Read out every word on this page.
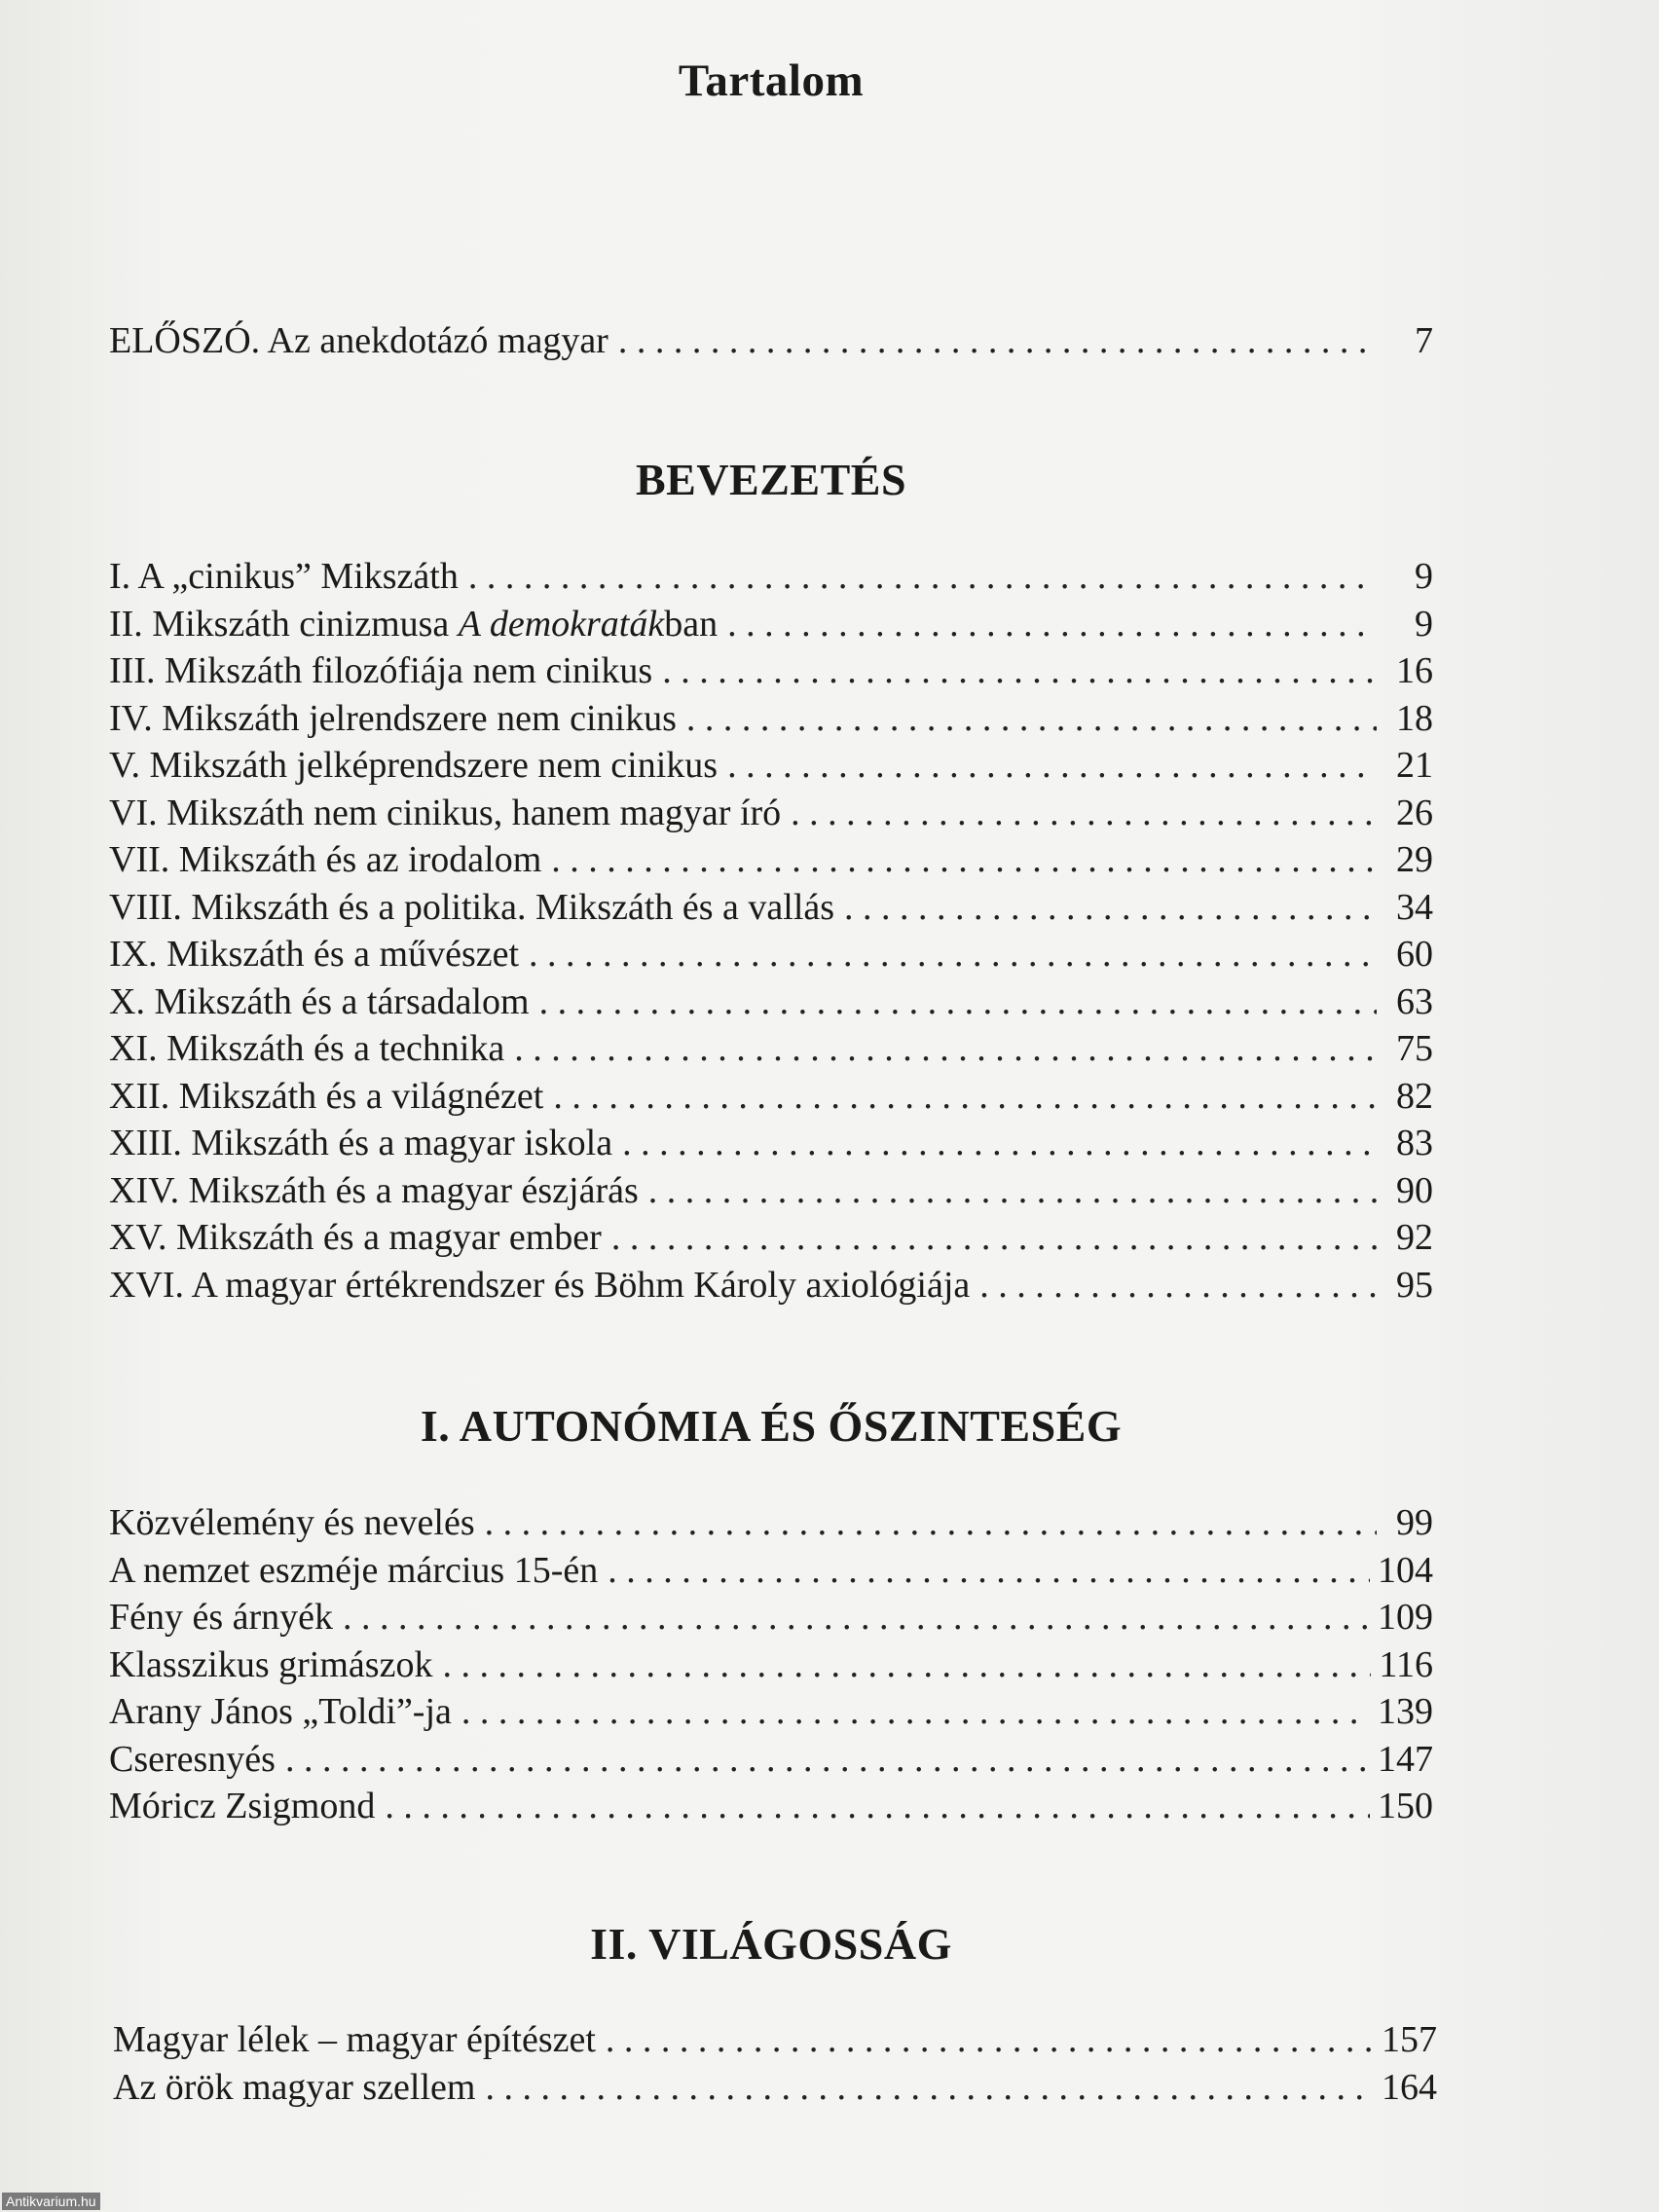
Tartalom
ELŐSZÓ. Az anekdotázó magyar . . .	7
BEVEZETÉS
I. A „cinikus” Mikszáth . . .	9
II. Mikszáth cinizmusa A demokratákban . . .	9
III. Mikszáth filozófiája nem cinikus . . .	16
IV. Mikszáth jelrendszere nem cinikus . . .	18
V. Mikszáth jelképrendszere nem cinikus . . .	21
VI. Mikszáth nem cinikus, hanem magyar író . . .	26
VII. Mikszáth és az irodalom . . .	29
VIII. Mikszáth és a politika. Mikszáth és a vallás . . .	34
IX. Mikszáth és a művészet . . .	60
X. Mikszáth és a társadalom . . .	63
XI. Mikszáth és a technika . . .	75
XII. Mikszáth és a világnézet . . .	82
XIII. Mikszáth és a magyar iskola . . .	83
XIV. Mikszáth és a magyar észjárás . . .	90
XV. Mikszáth és a magyar ember . . .	92
XVI. A magyar értékrendszer és Böhm Károly axiológiája . . .	95
I. AUTONÓMIA ÉS ŐSZINTESÉG
Közvélemény és nevelés . . .	99
A nemzet eszméje március 15-én . . .	104
Fény és árnyék . . .	109
Klasszikus grimászok . . .	116
Arany János „Toldi”-ja . . .	139
Cseresnyés . . .	147
Móricz Zsigmond . . .	150
II. VILÁGOSSÁG
Magyar lélek – magyar építészet . . .	157
Az örök magyar szellem . . .	164
Antikvarium.hu
